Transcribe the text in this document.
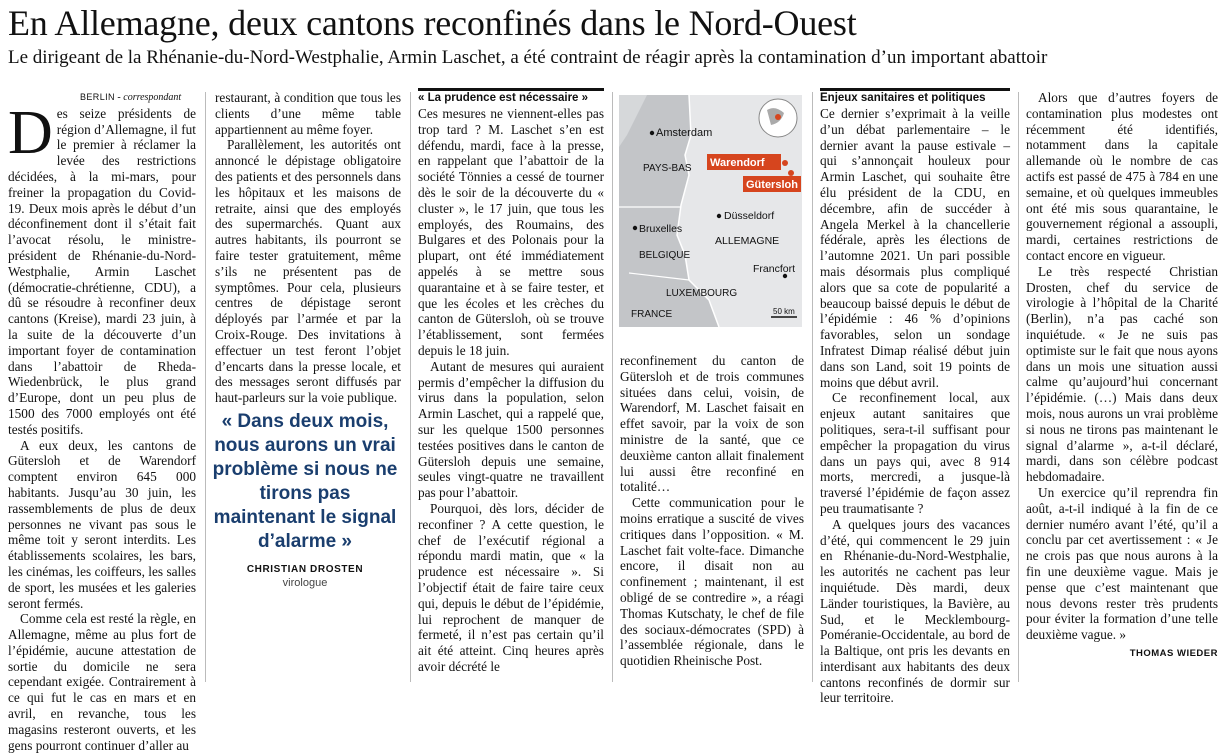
En Allemagne, deux cantons reconfinés dans le Nord-Ouest
Le dirigeant de la Rhénanie-du-Nord-Westphalie, Armin Laschet, a été contraint de réagir après la contamination d’un important abattoir

BERLIN - correspondant

Des seize présidents de région d’Allemagne, il fut le premier à réclamer la levée des restrictions décidées, à la mi-mars, pour freiner la propagation du Covid-19. Deux mois après le début d’un déconfinement dont il s’était fait l’avocat résolu, le ministre-président de Rhénanie-du-Nord-Westphalie, Armin Laschet (démocratie-chrétienne, CDU), a dû se résoudre à reconfiner deux cantons (Kreise), mardi 23 juin, à la suite de la découverte d’un important foyer de contamination dans l’abattoir de Rheda-Wiedenbrück, le plus grand d’Europe, dont un peu plus de 1500 des 7000 employés ont été testés positifs.

A eux deux, les cantons de Gütersloh et de Warendorf comptent environ 645 000 habitants. Jusqu’au 30 juin, les rassemblements de plus de deux personnes ne vivant pas sous le même toit y seront interdits. Les établissements scolaires, les bars, les cinémas, les coiffeurs, les salles de sport, les musées et les galeries seront fermés.

Comme cela est resté la règle, en Allemagne, même au plus fort de l’épidémie, aucune attestation de sortie du domicile ne sera cependant exigée. Contrairement à ce qui fut le cas en mars et en avril, en revanche, tous les magasins resteront ouverts, et les gens pourront continuer d’aller au

restaurant, à condition que tous les clients d’une même table appartiennent au même foyer.

Parallèlement, les autorités ont annoncé le dépistage obligatoire des patients et des personnels dans les hôpitaux et les maisons de retraite, ainsi que des employés des supermarchés. Quant aux autres habitants, ils pourront se faire tester gratuitement, même s’ils ne présentent pas de symptômes. Pour cela, plusieurs centres de dépistage seront déployés par l’armée et par la Croix-Rouge. Des invitations à effectuer un test feront l’objet d’encarts dans la presse locale, et des messages seront diffusés par haut-parleurs sur la voie publique.

« Dans deux mois, nous aurons un vrai problème si nous ne tirons pas maintenant le signal d’alarme »
CHRISTIAN DROSTEN
virologue

« La prudence est nécessaire »

Ces mesures ne viennent-elles pas trop tard ? M. Laschet s’en est défendu, mardi, face à la presse, en rappelant que l’abattoir de la société Tönnies a cessé de tourner dès le soir de la découverte du « cluster », le 17 juin, que tous les employés, des Roumains, des Bulgares et des Polonais pour la plupart, ont été immédiatement appelés à se mettre sous quarantaine et à se faire tester, et que les écoles et les crèches du canton de Gütersloh, où se trouve l’établissement, sont fermées depuis le 18 juin.

Autant de mesures qui auraient permis d’empêcher la diffusion du virus dans la population, selon Armin Laschet, qui a rappelé que, sur les quelque 1500 personnes testées positives dans le canton de Gütersloh depuis une semaine, seules vingt-quatre ne travaillent pas pour l’abattoir.

Pourquoi, dès lors, décider de reconfiner ? A cette question, le chef de l’exécutif régional a répondu mardi matin, que « la prudence est nécessaire ». Si l’objectif était de faire taire ceux qui, depuis le début de l’épidémie, lui reprochent de manquer de fermeté, il n’est pas certain qu’il ait été atteint. Cinq heures après avoir décrété le

Amsterdam
PAYS-BAS Warendorf
Gütersloh
Düsseldorf
Bruxelles
BELGIQUE
ALLEMAGNE
Francfort
LUXEMBOURG
FRANCE	50 km

reconfinement du canton de Gütersloh et de trois communes situées dans celui, voisin, de Warendorf, M. Laschet faisait en effet savoir, par la voix de son ministre de la santé, que ce deuxième canton allait finalement lui aussi être reconfiné en totalité…

Cette communication pour le moins erratique a suscité de vives critiques dans l’opposition. « M. Laschet fait volte-face. Dimanche encore, il disait non au confinement ; maintenant, il est obligé de se contredire », a réagi Thomas Kutschaty, le chef de file des sociaux-démocrates (SPD) à l’assemblée régionale, dans le quotidien Rheinische Post.

Enjeux sanitaires et politiques

Ce dernier s’exprimait à la veille d’un débat parlementaire – le dernier avant la pause estivale – qui s’annonçait houleux pour Armin Laschet, qui souhaite être élu président de la CDU, en décembre, afin de succéder à Angela Merkel à la chancellerie fédérale, après les élections de l’automne 2021. Un pari possible mais désormais plus compliqué alors que sa cote de popularité a beaucoup baissé depuis le début de l’épidémie : 46 % d’opinions favorables, selon un sondage Infratest Dimap réalisé début juin dans son Land, soit 19 points de moins que début avril.

Ce reconfinement local, aux enjeux autant sanitaires que politiques, sera-t-il suffisant pour empêcher la propagation du virus dans un pays qui, avec 8 914 morts, mercredi, a jusque-là traversé l’épidémie de façon assez peu traumatisante ?

A quelques jours des vacances d’été, qui commencent le 29 juin en Rhénanie-du-Nord-Westphalie, les autorités ne cachent pas leur inquiétude. Dès mardi, deux Länder touristiques, la Bavière, au Sud, et le Mecklembourg-Poméranie-Occidentale, au bord de la Baltique, ont pris les devants en interdisant aux habitants des deux cantons reconfinés de dormir sur leur territoire.

Alors que d’autres foyers de contamination plus modestes ont récemment été identifiés, notamment dans la capitale allemande où le nombre de cas actifs est passé de 475 à 784 en une semaine, et où quelques immeubles ont été mis sous quarantaine, le gouvernement régional a assoupli, mardi, certaines restrictions de contact encore en vigueur.

Le très respecté Christian Drosten, chef du service de virologie à l’hôpital de la Charité (Berlin), n’a pas caché son inquiétude. « Je ne suis pas optimiste sur le fait que nous ayons dans un mois une situation aussi calme qu’aujourd’hui concernant l’épidémie. (…) Mais dans deux mois, nous aurons un vrai problème si nous ne tirons pas maintenant le signal d’alarme », a-t-il déclaré, mardi, dans son célèbre podcast hebdomadaire.

Un exercice qu’il reprendra fin août, a-t-il indiqué à la fin de ce dernier numéro avant l’été, qu’il a conclu par cet avertissement : « Je ne crois pas que nous aurons à la fin une deuxième vague. Mais je pense que c’est maintenant que nous devons rester très prudents pour éviter la formation d’une telle deuxième vague. »

THOMAS WIEDER
